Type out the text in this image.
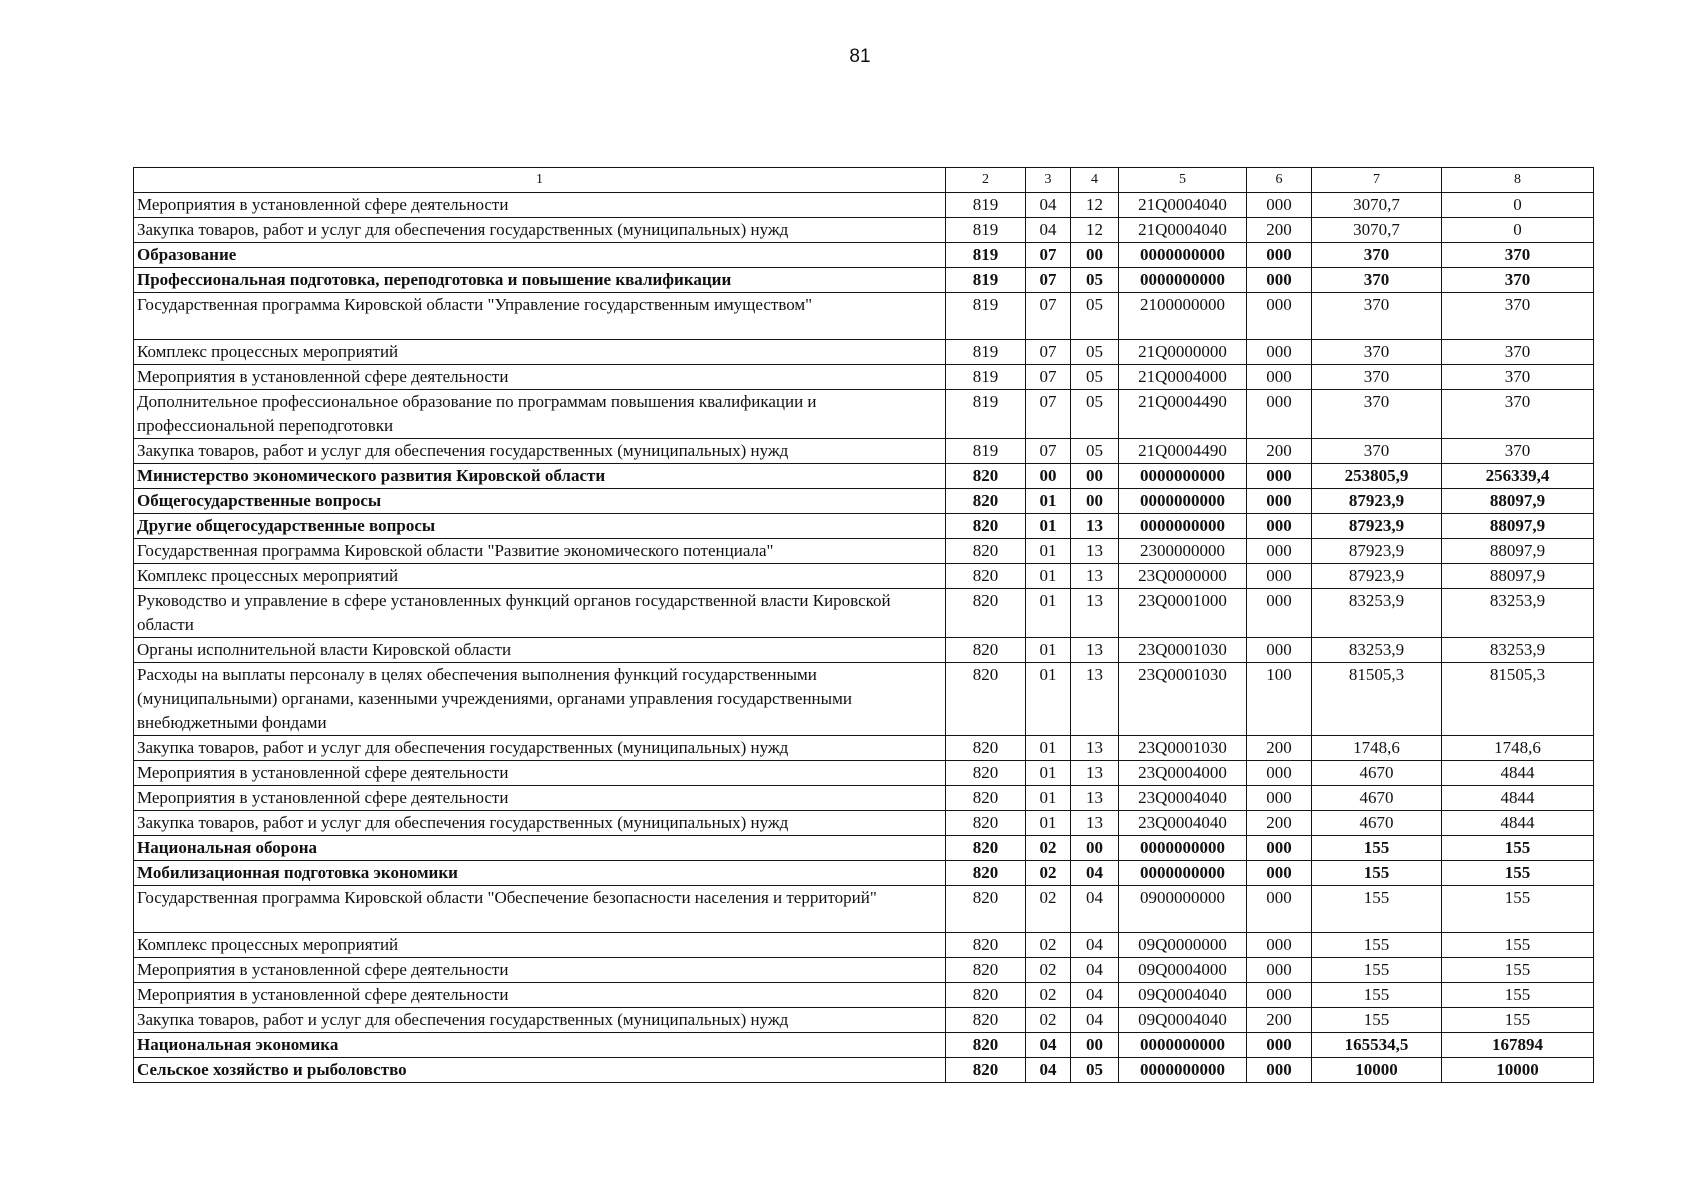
81
1	2	3	4	5	6	7	8
Мероприятия в установленной сфере деятельности	819	04	12	21Q0004040	000	3070,7	0
Закупка товаров, работ и услуг для обеспечения государственных (муниципальных) нужд	819	04	12	21Q0004040	200	3070,7	0
Образование	819	07	00	0000000000	000	370	370
Профессиональная подготовка, переподготовка и повышение квалификации	819	07	05	0000000000	000	370	370
Государственная программа Кировской области "Управление государственным имуществом"	819	07	05	2100000000	000	370	370
Комплекс процессных мероприятий	819	07	05	21Q0000000	000	370	370
Мероприятия в установленной сфере деятельности	819	07	05	21Q0004000	000	370	370
Дополнительное профессиональное образование по программам повышения квалификации и профессиональной переподготовки	819	07	05	21Q0004490	000	370	370
Закупка товаров, работ и услуг для обеспечения государственных (муниципальных) нужд	819	07	05	21Q0004490	200	370	370
Министерство экономического развития Кировской области	820	00	00	0000000000	000	253805,9	256339,4
Общегосударственные вопросы	820	01	00	0000000000	000	87923,9	88097,9
Другие общегосударственные вопросы	820	01	13	0000000000	000	87923,9	88097,9
Государственная программа Кировской области "Развитие экономического потенциала"	820	01	13	2300000000	000	87923,9	88097,9
Комплекс процессных мероприятий	820	01	13	23Q0000000	000	87923,9	88097,9
Руководство и управление в сфере установленных функций органов государственной власти Кировской области	820	01	13	23Q0001000	000	83253,9	83253,9
Органы исполнительной власти Кировской области	820	01	13	23Q0001030	000	83253,9	83253,9
Расходы на выплаты персоналу в целях обеспечения выполнения функций государственными (муниципальными) органами, казенными учреждениями, органами управления государственными внебюджетными фондами	820	01	13	23Q0001030	100	81505,3	81505,3
Закупка товаров, работ и услуг для обеспечения государственных (муниципальных) нужд	820	01	13	23Q0001030	200	1748,6	1748,6
Мероприятия в установленной сфере деятельности	820	01	13	23Q0004000	000	4670	4844
Мероприятия в установленной сфере деятельности	820	01	13	23Q0004040	000	4670	4844
Закупка товаров, работ и услуг для обеспечения государственных (муниципальных) нужд	820	01	13	23Q0004040	200	4670	4844
Национальная оборона	820	02	00	0000000000	000	155	155
Мобилизационная подготовка экономики	820	02	04	0000000000	000	155	155
Государственная программа Кировской области "Обеспечение безопасности населения и территорий"	820	02	04	0900000000	000	155	155
Комплекс процессных мероприятий	820	02	04	09Q0000000	000	155	155
Мероприятия в установленной сфере деятельности	820	02	04	09Q0004000	000	155	155
Мероприятия в установленной сфере деятельности	820	02	04	09Q0004040	000	155	155
Закупка товаров, работ и услуг для обеспечения государственных (муниципальных) нужд	820	02	04	09Q0004040	200	155	155
Национальная экономика	820	04	00	0000000000	000	165534,5	167894
Сельское хозяйство и рыболовство	820	04	05	0000000000	000	10000	10000
